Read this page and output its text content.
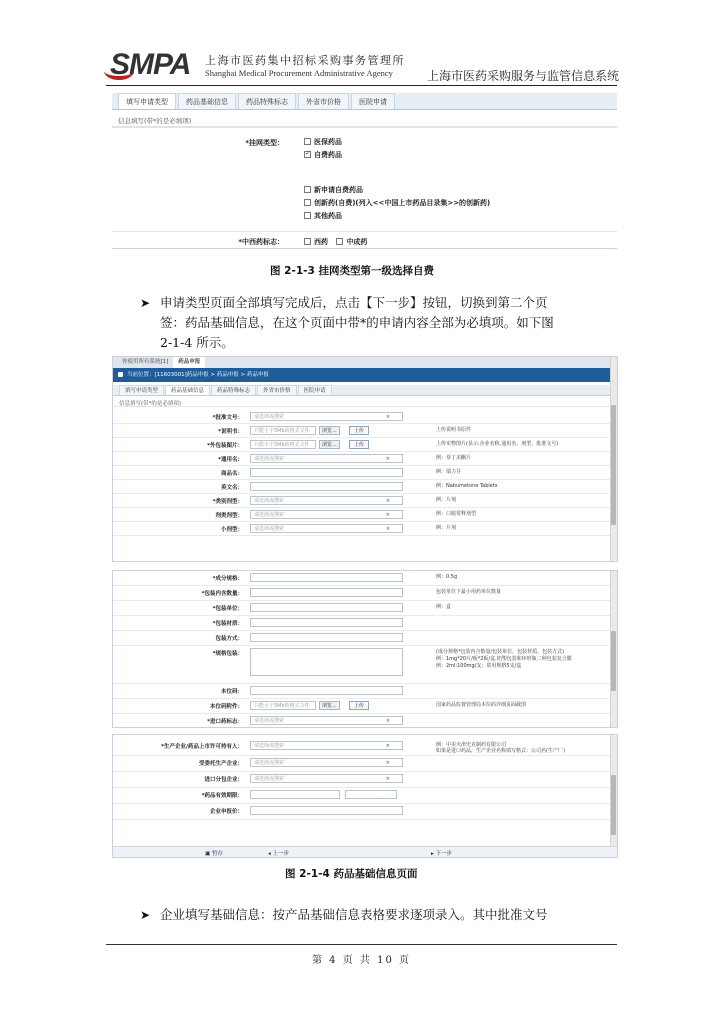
SMPA 上海市医药集中招标采购事务管理所
Shanghai Medical Procurement Administrative Agency	上海市医药采购服务与监管信息系统
填写申请类型	药品基础信息	药品特殊标志	外省市价格	医院申请
信息填写(带*的是必填项)
*挂网类型：	医保药品
✓自费药品
新申请自费药品
创新药(自费)(列入<<中国上市药品目录集>>的创新药)
其他药品
*中西药标志：	西药	中成药
图 2-1-3 挂网类型第一级选择自费
➤ 申请类型页面全部填写完成后，点击【下一步】按钮，切换到第二个页
签：药品基础信息，在这个页面中带*的申请内容全部为必填项。如下图
2-1-4 所示。
你使用所有系统[1]	药品申报
当前位置：[11603001]药品申报 > 药品申报 > 药品申报
填写申请类型	药品基础信息	药品特殊标志	外省市价格	医院申请
信息填写(带*的是必填项)
*批准文号：	请选择或搜索	×
*说明书：	只能小于5Mb的格式文件	浏览...	上传	上传说明书原件
*外包装图片：	只能小于5Mb的格式文件	浏览...	上传	上传实物图片(显示:企业名称,通用名，剂型，批准文号)
*通用名：	请选择或搜索	×	例：萘丁美酮片
商品名：	例：瑞力芬
英文名：	例：Nabumetone Tablets
*类别剂型：	请选择或搜索	×	例：片剂
剂类剂型：	请选择或搜索	×	例：口服常释剂型
小剂型：	请选择或搜索	×	例：片剂
*成分规格：	例：0.5g
*包装内含数量：	包装单位下最小用药单位数量
*包装单位：	例：盒
*包装材质：
包装方式：
*规格包装：	(成分规格*包装内含数量/包装单位，包装材质，包装方式)
例：1mg*20片/板*2板/盒,铝塑包装和环形瓶二种包装复合膜
例：2ml:100mg/支；常用规格5支/盒
本位码：
本位码附件：	只能小于5Mb的格式文件	浏览...	上传	国家药品监督管理局本位码详细页面截图
*进口药标志：	请选择或搜索	×
*生产企业/药品上市许可持有人：	请选择或搜索	×	例：中美天津史克制药有限公司
如果是进口药品，生产企业名称填写格式：公司名(生产厂)
受委托生产企业：	请选择或搜索	×
进口分包企业：	请选择或搜索	×
*药品有效期限：
企业申报价：
▣ 暂存	◂ 上一步	▸ 下一步
图 2-1-4 药品基础信息页面
➤ 企业填写基础信息：按产品基础信息表格要求逐项录入。其中批准文号
第 4 页 共 10 页
